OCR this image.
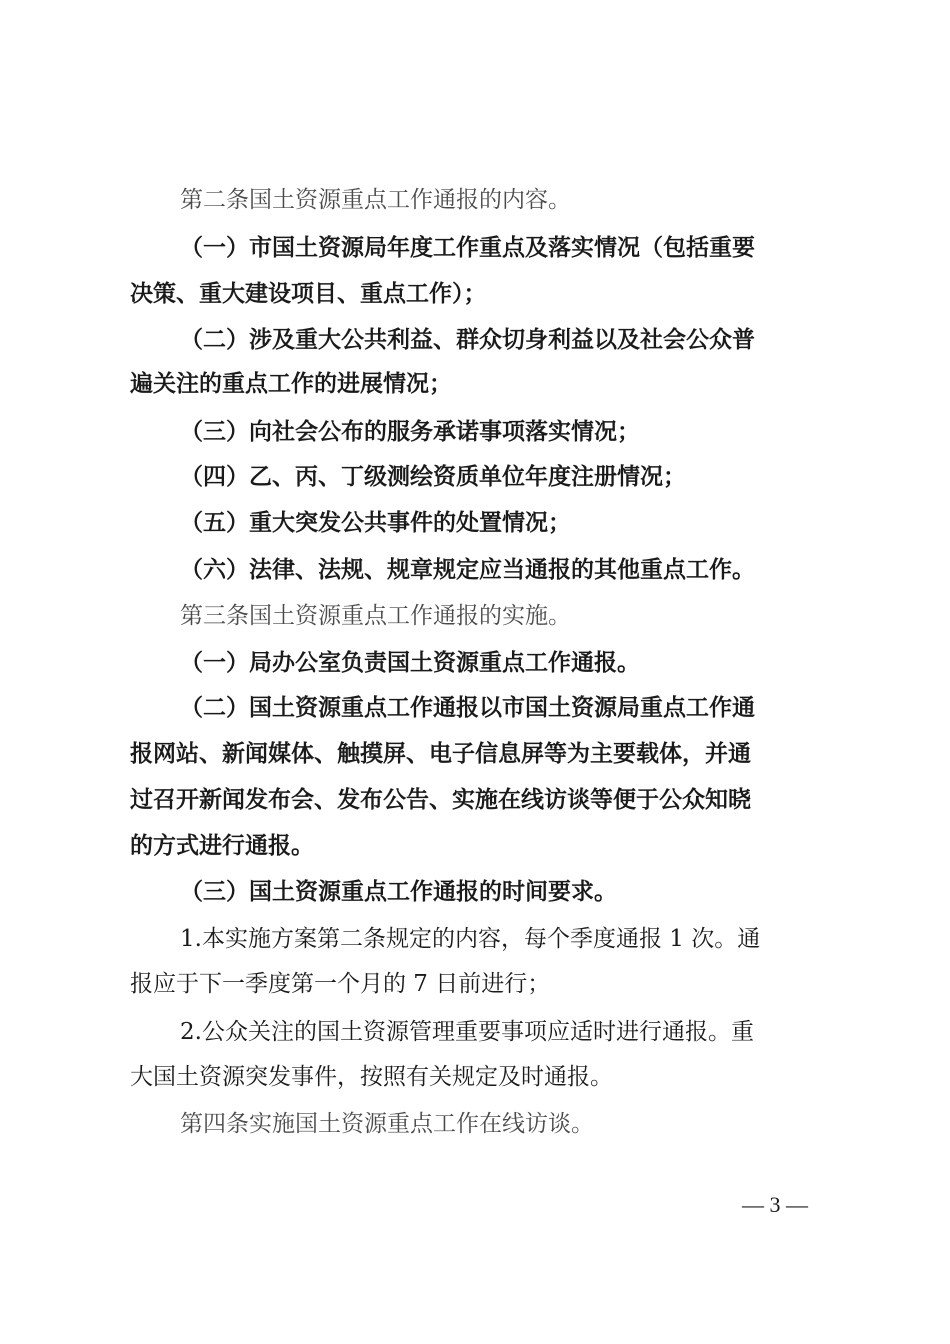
第二条国土资源重点工作通报的内容。
（一）市国土资源局年度工作重点及落实情况（包括重要
决策、重大建设项目、重点工作）；
（二）涉及重大公共利益、群众切身利益以及社会公众普
遍关注的重点工作的进展情况；
（三）向社会公布的服务承诺事项落实情况；
（四）乙、丙、丁级测绘资质单位年度注册情况；
（五）重大突发公共事件的处置情况；
（六）法律、法规、规章规定应当通报的其他重点工作。
第三条国土资源重点工作通报的实施。
（一）局办公室负责国土资源重点工作通报。
（二）国土资源重点工作通报以市国土资源局重点工作通
报网站、新闻媒体、触摸屏、电子信息屏等为主要载体，并通
过召开新闻发布会、发布公告、实施在线访谈等便于公众知晓
的方式进行通报。
（三）国土资源重点工作通报的时间要求。
1.本实施方案第二条规定的内容，每个季度通报 1 次。通
报应于下一季度第一个月的 7 日前进行；
2.公众关注的国土资源管理重要事项应适时进行通报。重
大国土资源突发事件，按照有关规定及时通报。
第四条实施国土资源重点工作在线访谈。
— 3 —
